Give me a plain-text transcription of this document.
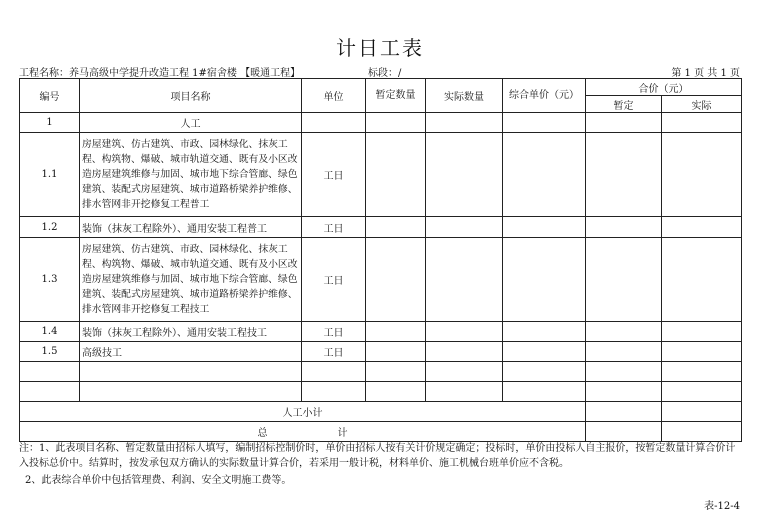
计日工表
工程名称：养马高级中学提升改造工程 1#宿舍楼 【暖通工程】	标段：/	第 1 页 共 1 页
编号	项目名称	单位	暂定数量	实际数量	综合单价（元）	合价（元）	
						暂定	实际
1	人工						
1.1	房屋建筑、仿古建筑、市政、园林绿化、抹灰工程、构筑物、爆破、城市轨道交通、既有及小区改造房屋建筑维修与加固、城市地下综合管廊、绿色建筑、装配式房屋建筑、城市道路桥梁养护维修、排水管网非开挖修复工程普工	工日					
1.2	装饰（抹灰工程除外）、通用安装工程普工	工日					
1.3	房屋建筑、仿古建筑、市政、园林绿化、抹灰工程、构筑物、爆破、城市轨道交通、既有及小区改造房屋建筑维修与加固、城市地下综合管廊、绿色建筑、装配式房屋建筑、城市道路桥梁养护维修、排水管网非开挖修复工程技工	工日					
1.4	装饰（抹灰工程除外）、通用安装工程技工	工日					
1.5	高级技工	工日					

人工小计							
总 计							
注：1、此表项目名称、暂定数量由招标人填写，编制招标控制价时，单价由招标人按有关计价规定确定；投标时，单价由投标人自主报价，按暂定数量计算合价计入投标总价中。结算时，按发承包双方确认的实际数量计算合价，若采用一般计税，材料单价、施工机械台班单价应不含税。
2、此表综合单价中包括管理费、利润、安全文明施工费等。
表-12-4
